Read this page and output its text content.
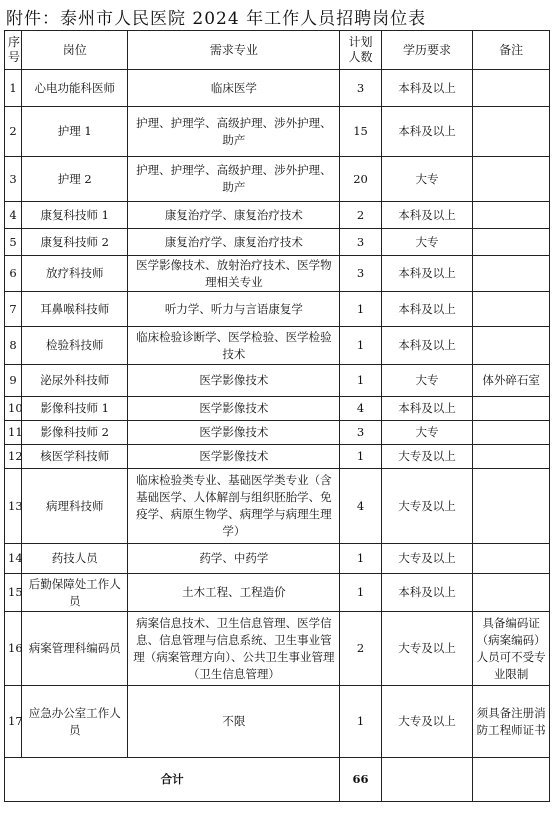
附件：泰州市人民医院 2024 年工作人员招聘岗位表
序号	岗位	需求专业	计划人数	学历要求	备注
1	心电功能科医师	临床医学	3	本科及以上	
2	护理 1	护理、护理学、高级护理、涉外护理、助产	15	本科及以上	
3	护理 2	护理、护理学、高级护理、涉外护理、助产	20	大专	
4	康复科技师 1	康复治疗学、康复治疗技术	2	本科及以上	
5	康复科技师 2	康复治疗学、康复治疗技术	3	大专	
6	放疗科技师	医学影像技术、放射治疗技术、医学物理相关专业	3	本科及以上	
7	耳鼻喉科技师	听力学、听力与言语康复学	1	本科及以上	
8	检验科技师	临床检验诊断学、医学检验、医学检验技术	1	本科及以上	
9	泌尿外科技师	医学影像技术	1	大专	体外碎石室
10	影像科技师 1	医学影像技术	4	本科及以上	
11	影像科技师 2	医学影像技术	3	大专	
12	核医学科技师	医学影像技术	1	大专及以上	
13	病理科技师	临床检验类专业、基础医学类专业（含基础医学、人体解剖与组织胚胎学、免疫学、病原生物学、病理学与病理生理学）	4	大专及以上	
14	药技人员	药学、中药学	1	大专及以上	
15	后勤保障处工作人员	土木工程、工程造价	1	本科及以上	
16	病案管理科编码员	病案信息技术、卫生信息管理、医学信息、信息管理与信息系统、卫生事业管理（病案管理方向）、公共卫生事业管理（卫生信息管理）	2	大专及以上	具备编码证（病案编码）人员可不受专业限制
17	应急办公室工作人员	不限	1	大专及以上	须具备注册消防工程师证书
合计			66		
